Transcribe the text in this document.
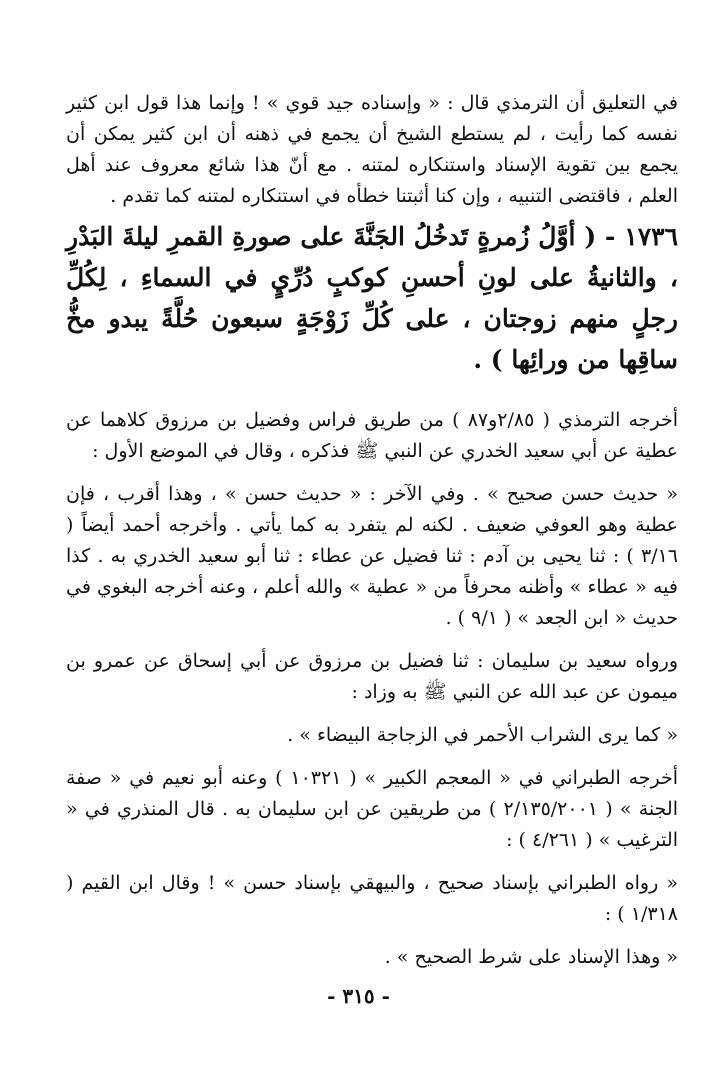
في التعليق أن الترمذي قال : « وإسناده جيد قوي » ! وإنما هذا قول ابن كثير نفسه كما رأيت ، لم يستطع الشيخ أن يجمع في ذهنه أن ابن كثير يمكن أن يجمع بين تقوية الإسناد واستنكاره لمتنه . مع أنّ هذا شائع معروف عند أهل العلم ، فاقتضى التنبيه ، وإن كنا أثبتنا خطأه في استنكاره لمتنه كما تقدم .

١٧٣٦ - ( أوَّلُ زُمرةٍ تَدخُلُ الجَنَّةَ على صورةِ القمرِ ليلةَ البَدْرِ ، والثانيةُ على لونِ أحسنِ كوكبٍ دُرِّيٍ في السماءِ ، لِكُلِّ رجلٍ منهم زوجتان ، على كُلِّ زَوْجَةٍ سبعون حُلَّةً يبدو مخُّ ساقِها من ورائِها ) .

أخرجه الترمذي ( ٢/٨٥و٨٧ ) من طريق فراس وفضيل بن مرزوق كلاهما عن عطية عن أبي سعيد الخدري عن النبي ﷺ فذكره ، وقال في الموضع الأول :

« حديث حسن صحيح » . وفي الآخر : « حديث حسن » ، وهذا أقرب ، فإن عطية وهو العوفي ضعيف . لكنه لم يتفرد به كما يأتي . وأخرجه أحمد أيضاً ( ٣/١٦ ) : ثنا يحيى بن آدم : ثنا فضيل عن عطاء : ثنا أبو سعيد الخدري به . كذا فيه « عطاء » وأظنه محرفاً من « عطية » والله أعلم ، وعنه أخرجه البغوي في حديث « ابن الجعد » ( ٩/١ ) .

ورواه سعيد بن سليمان : ثنا فضيل بن مرزوق عن أبي إسحاق عن عمرو بن ميمون عن عبد الله عن النبي ﷺ به وزاد :

« كما يرى الشراب الأحمر في الزجاجة البيضاء » .

أخرجه الطبراني في « المعجم الكبير » ( ١٠٣٢١ ) وعنه أبو نعيم في « صفة الجنة » ( ٢/١٣٥/٢٠٠١ ) من طريقين عن ابن سليمان به . قال المنذري في « الترغيب » ( ٤/٢٦١ ) :

« رواه الطبراني بإسناد صحيح ، والبيهقي بإسناد حسن » ! وقال ابن القيم ( ١/٣١٨ ) :

« وهذا الإسناد على شرط الصحيح » .

- ٣١٥ -
